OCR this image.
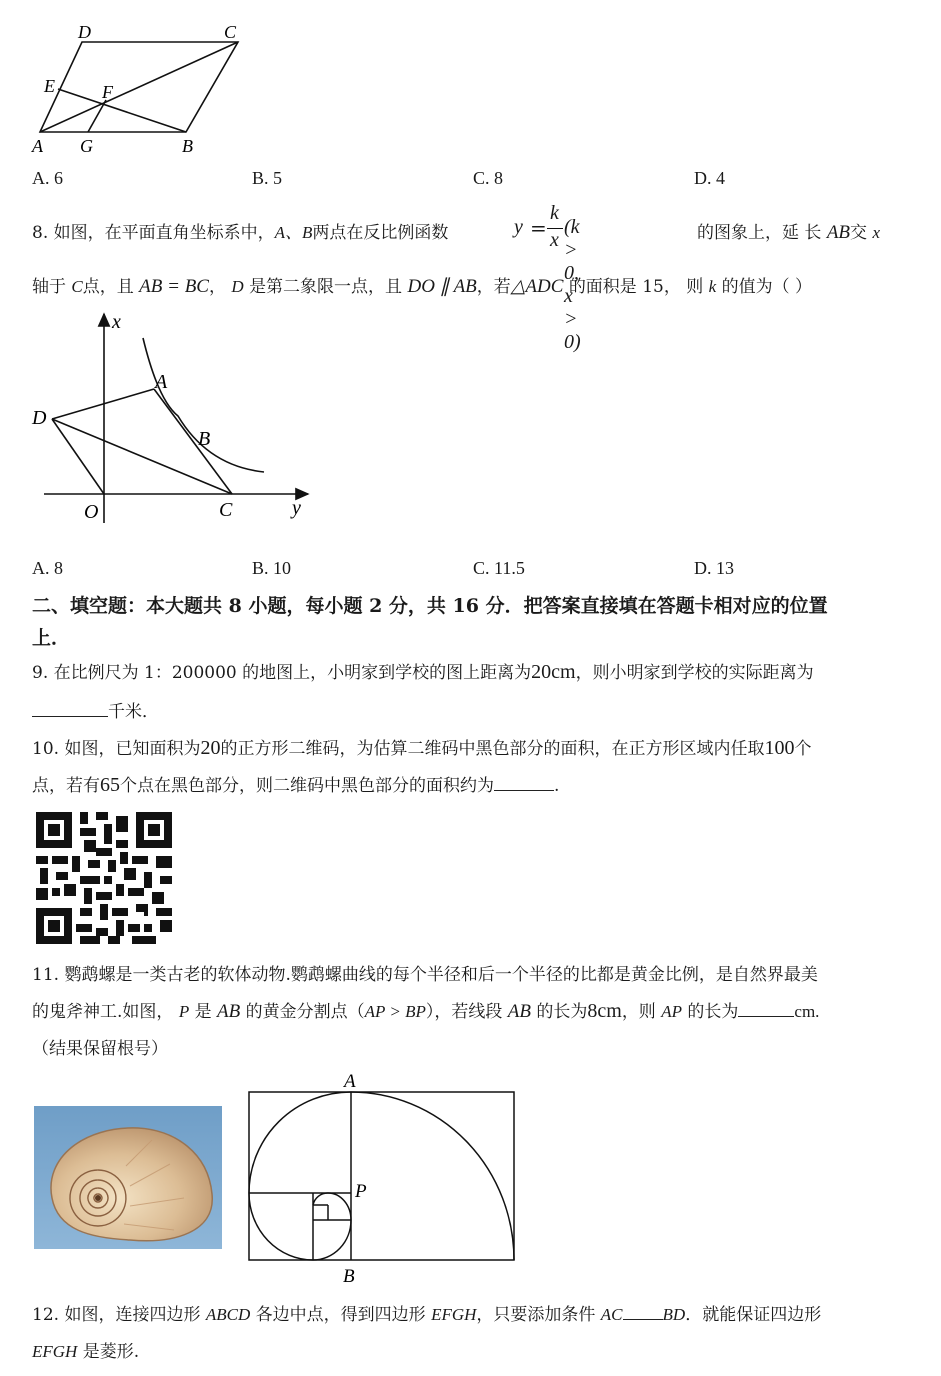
D	C
E	F
A G	B
A. 6	B. 5	C. 8	D. 4
8. 如图，在平面直角坐标系中，A、B两点在反比例函数	y =
k
x
(k > 0, x > 0)
的图象上，延 长 AB交 x
轴于 C点，且 AB = BC， D 是第二象限一点，且 DO ∥ AB，若△ADC 的面积是 15， 则 k 的值为（ ）
x
y
A
B
D
O	C
A. 8	B. 10	C. 11.5	D. 13
二、填空题：本大题共 8 小题，每小题 2 分，共 16 分．把答案直接填在答题卡相对应的位置
上．
9. 在比例尺为 1：200000 的地图上，小明家到学校的图上距离为20cm，则小明家到学校的实际距离为
千米．
10. 如图，已知面积为20的正方形二维码，为估算二维码中黑色部分的面积，在正方形区域内任取100个
点，若有65个点在黑色部分，则二维码中黑色部分的面积约为	.
11. 鹦鹉螺是一类古老的软体动物.鹦鹉螺曲线的每个半径和后一个半径的比都是黄金比例，是自然界最美
的鬼斧神工.如图， P 是 AB 的黄金分割点（AP > BP），若线段 AB 的长为8cm，则 AP 的长为	cm.
（结果保留根号）
A
P
B
12. 如图，连接四边形 ABCD 各边中点，得到四边形 EFGH，只要添加条件 AC BD．就能保证四边形
EFGH 是菱形.
